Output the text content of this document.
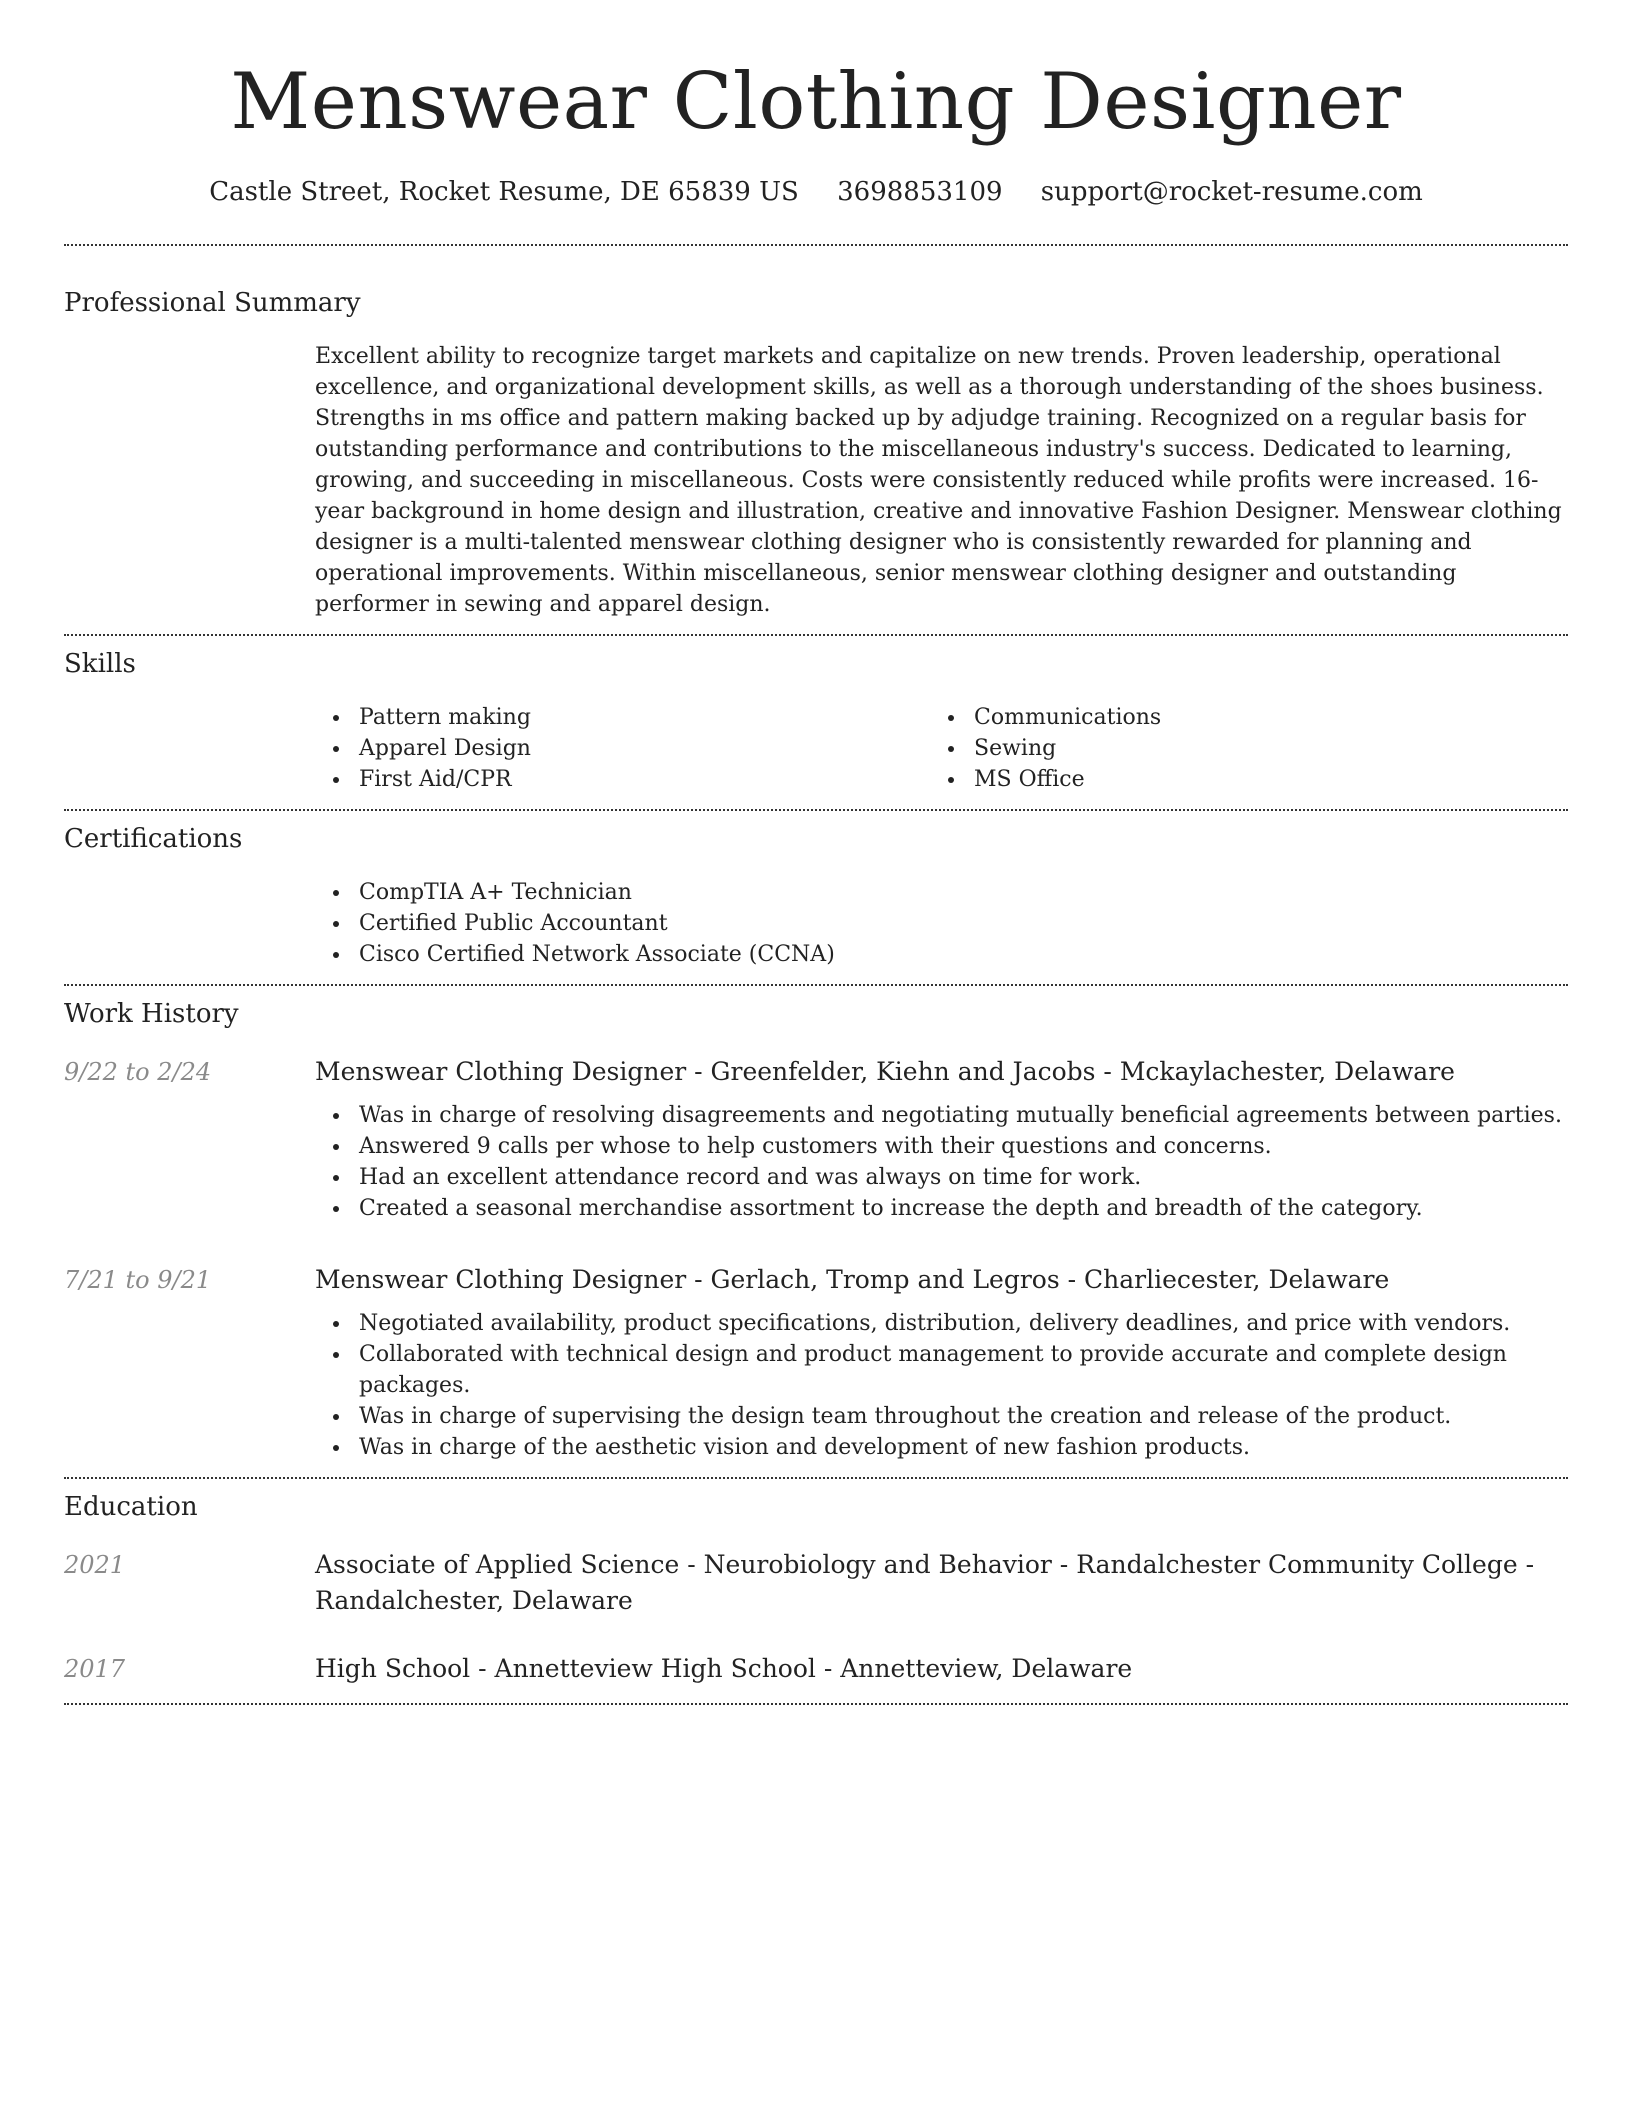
Menswear Clothing Designer
Castle Street, Rocket Resume, DE 65839 US 3698853109 support@rocket-resume.com
Professional Summary

Excellent ability to recognize target markets and capitalize on new trends. Proven leadership, operational excellence, and organizational development skills, as well as a thorough understanding of the shoes business. Strengths in ms office and pattern making backed up by adjudge training. Recognized on a regular basis for outstanding performance and contributions to the miscellaneous industry's success. Dedicated to learning, growing, and succeeding in miscellaneous. Costs were consistently reduced while profits were increased. 16-year background in home design and illustration, creative and innovative Fashion Designer. Menswear clothing designer is a multi-talented menswear clothing designer who is consistently rewarded for planning and operational improvements. Within miscellaneous, senior menswear clothing designer and outstanding performer in sewing and apparel design.

Skills
Pattern making
Apparel Design
First Aid/CPR
Communications
Sewing
MS Office
Certifications
CompTIA A+ Technician
Certified Public Accountant
Cisco Certified Network Associate (CCNA)
Work History
9/22 to 2/24	Menswear Clothing Designer - Greenfelder, Kiehn and Jacobs - Mckaylachester, Delaware
Was in charge of resolving disagreements and negotiating mutually beneficial agreements between parties.
Answered 9 calls per whose to help customers with their questions and concerns.
Had an excellent attendance record and was always on time for work.
Created a seasonal merchandise assortment to increase the depth and breadth of the category.
7/21 to 9/21	Menswear Clothing Designer - Gerlach, Tromp and Legros - Charliecester, Delaware
Negotiated availability, product specifications, distribution, delivery deadlines, and price with vendors.
Collaborated with technical design and product management to provide accurate and complete design packages.
Was in charge of supervising the design team throughout the creation and release of the product.
Was in charge of the aesthetic vision and development of new fashion products.
Education
2021	Associate of Applied Science - Neurobiology and Behavior - Randalchester Community College - Randalchester, Delaware
2017	High School - Annetteview High School - Annetteview, Delaware
